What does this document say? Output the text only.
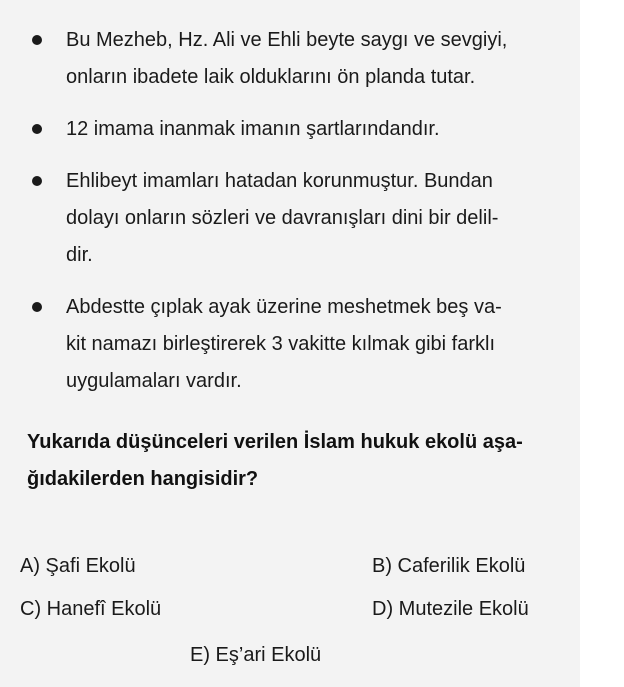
Bu Mezheb, Hz. Ali ve Ehli beyte saygı ve sevgiyi,
onların ibadete laik olduklarını ön planda tutar.
12 imama inanmak imanın şartlarındandır.
Ehlibeyt imamları hatadan korunmuştur. Bundan
dolayı onların sözleri ve davranışları dini bir delil-
dir.
Abdestte çıplak ayak üzerine meshetmek beş va-
kit namazı birleştirerek 3 vakitte kılmak gibi farklı
uygulamaları vardır.
Yukarıda düşünceleri verilen İslam hukuk ekolü aşa-
ğıdakilerden hangisidir?
A) Şafi Ekolü	B) Caferilik Ekolü
C) Hanefî Ekolü	D) Mutezile Ekolü
E) Eş’ari Ekolü
